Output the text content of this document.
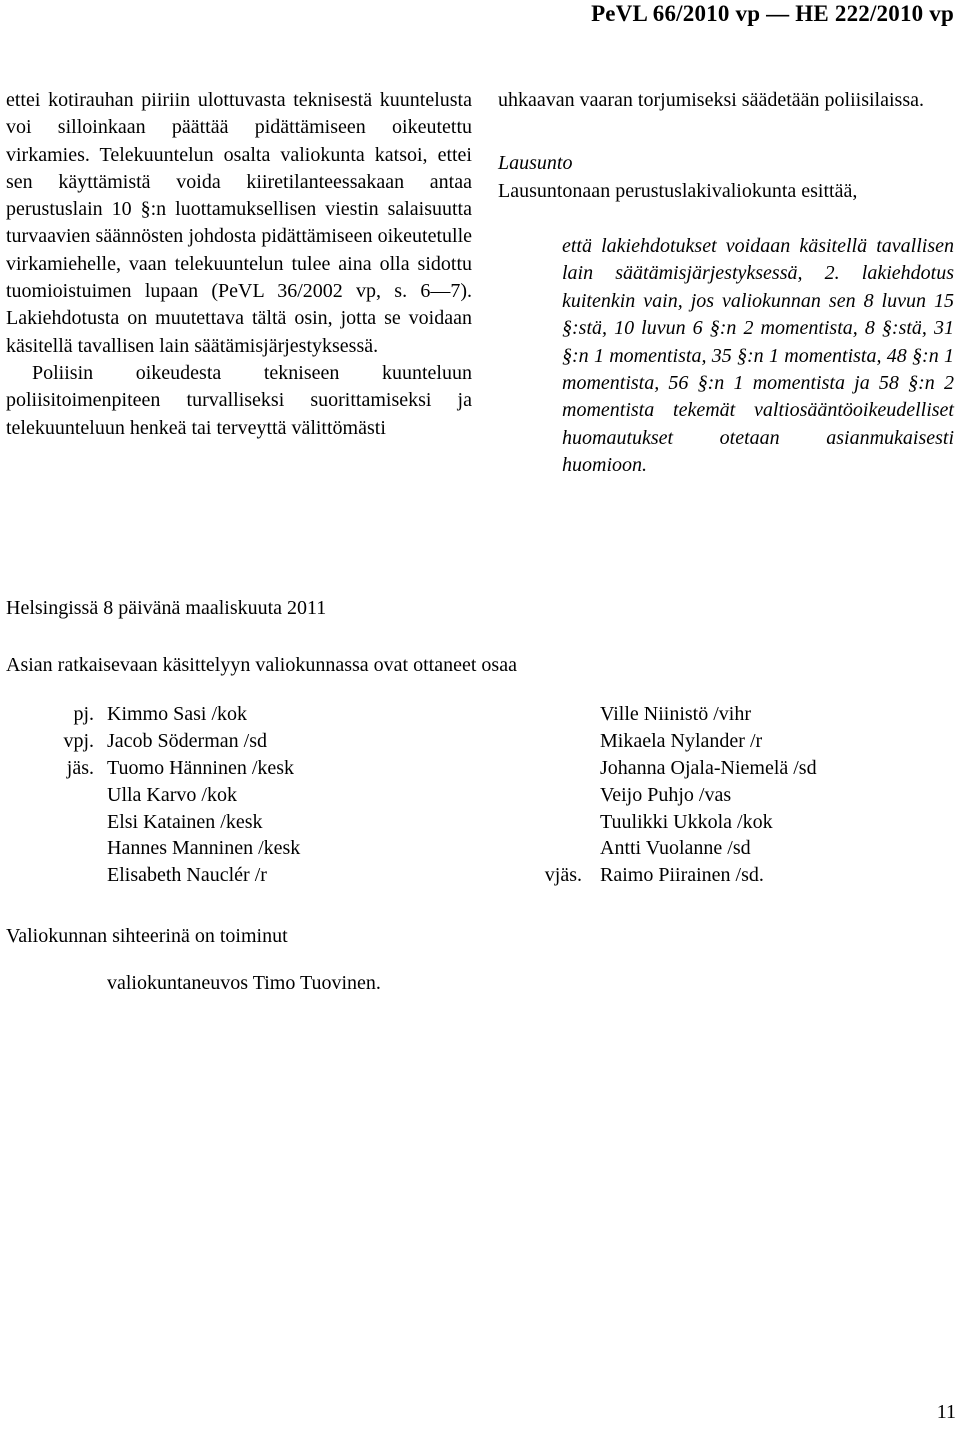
PeVL 66/2010 vp — HE 222/2010 vp

ettei kotirauhan piiriin ulottuvasta teknisestä kuuntelusta voi silloinkaan päättää pidättämiseen oikeutettu virkamies. Telekuuntelun osalta valiokunta katsoi, ettei sen käyttämistä voida kiiretilanteessakaan antaa perustuslain 10 §:n luottamuksellisen viestin salaisuutta turvaavien säännösten johdosta pidättämiseen oikeutetulle virkamiehelle, vaan telekuuntelun tulee aina olla sidottu tuomioistuimen lupaan (PeVL 36/2002 vp, s. 6—7). Lakiehdotusta on muutettava tältä osin, jotta se voidaan käsitellä tavallisen lain säätämisjärjestyksessä.

Poliisin oikeudesta tekniseen kuunteluun poliisitoimenpiteen turvalliseksi suorittamiseksi ja telekuunteluun henkeä tai terveyttä välittömästi

uhkaavan vaaran torjumiseksi säädetään poliisilaissa.

Lausunto

Lausuntonaan perustuslakivaliokunta esittää,

että lakiehdotukset voidaan käsitellä tavallisen lain säätämisjärjestyksessä, 2. lakiehdotus kuitenkin vain, jos valiokunnan sen 8 luvun 15 §:stä, 10 luvun 6 §:n 2 momentista, 8 §:stä, 31 §:n 1 momentista, 35 §:n 1 momentista, 48 §:n 1 momentista, 56 §:n 1 momentista ja 58 §:n 2 momentista tekemät valtiosääntöoikeudelliset huomautukset otetaan asianmukaisesti huomioon.

Helsingissä 8 päivänä maaliskuuta 2011
Asian ratkaisevaan käsittelyyn valiokunnassa ovat ottaneet osaa
pj. Kimmo Sasi /kok	Ville Niinistö /vihr
vpj. Jacob Söderman /sd	Mikaela Nylander /r
jäs. Tuomo Hänninen /kesk	Johanna Ojala-Niemelä /sd
Ulla Karvo /kok	Veijo Puhjo /vas
Elsi Katainen /kesk	Tuulikki Ukkola /kok
Hannes Manninen /kesk	Antti Vuolanne /sd
Elisabeth Nauclér /r	vjäs. Raimo Piirainen /sd.
Valiokunnan sihteerinä on toiminut
valiokuntaneuvos Timo Tuovinen.
11
